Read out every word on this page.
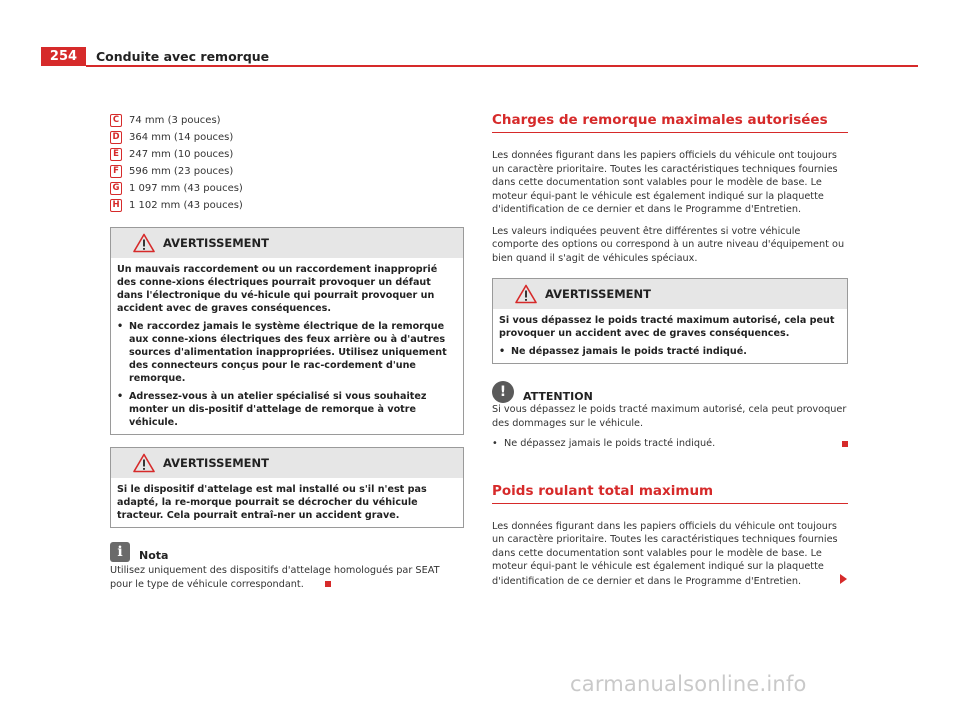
254	Conduite avec remorque
C 74 mm (3 pouces)
D 364 mm (14 pouces)
E	247 mm (10 pouces)
F	596 mm (23 pouces)
G 1 097 mm (43 pouces)
H 1 102 mm (43 pouces)
AVERTISSEMENT

Un mauvais raccordement ou un raccordement inapproprié des conne-xions électriques pourrait provoquer un défaut dans l'électronique du vé-hicule qui pourrait provoquer un accident avec de graves conséquences.

• Ne raccordez jamais le système électrique de la remorque aux conne-xions électriques des feux arrière ou à d'autres sources d'alimentation inappropriées. Utilisez uniquement des connecteurs conçus pour le rac-cordement d'une remorque.

• Adressez-vous à un atelier spécialisé si vous souhaitez monter un dis-positif d'attelage de remorque à votre véhicule.

AVERTISSEMENT

Si le dispositif d'attelage est mal installé ou s'il n'est pas adapté, la re-morque pourrait se décrocher du véhicule tracteur. Cela pourrait entraî-ner un accident grave.

i	Nota
Utilisez uniquement des dispositifs d'attelage homologués par SEAT pour le type de véhicule correspondant.
Charges de remorque maximales autorisées

Les données figurant dans les papiers officiels du véhicule ont toujours un caractère prioritaire. Toutes les caractéristiques techniques fournies dans cette documentation sont valables pour le modèle de base. Le moteur équi-pant le véhicule est également indiqué sur la plaquette d'identification de ce dernier et dans le Programme d'Entretien.

Les valeurs indiquées peuvent être différentes si votre véhicule comporte des options ou correspond à un autre niveau d'équipement ou bien quand il s'agit de véhicules spéciaux.

AVERTISSEMENT

Si vous dépassez le poids tracté maximum autorisé, cela peut provoquer un accident avec de graves conséquences.

• Ne dépassez jamais le poids tracté indiqué.

!	ATTENTION

Si vous dépassez le poids tracté maximum autorisé, cela peut provoquer des dommages sur le véhicule.

• Ne dépassez jamais le poids tracté indiqué.
Poids roulant total maximum

Les données figurant dans les papiers officiels du véhicule ont toujours un caractère prioritaire. Toutes les caractéristiques techniques fournies dans cette documentation sont valables pour le modèle de base. Le moteur équi-pant le véhicule est également indiqué sur la plaquette d'identification de ce dernier et dans le Programme d'Entretien.

carmanualsonline.info
